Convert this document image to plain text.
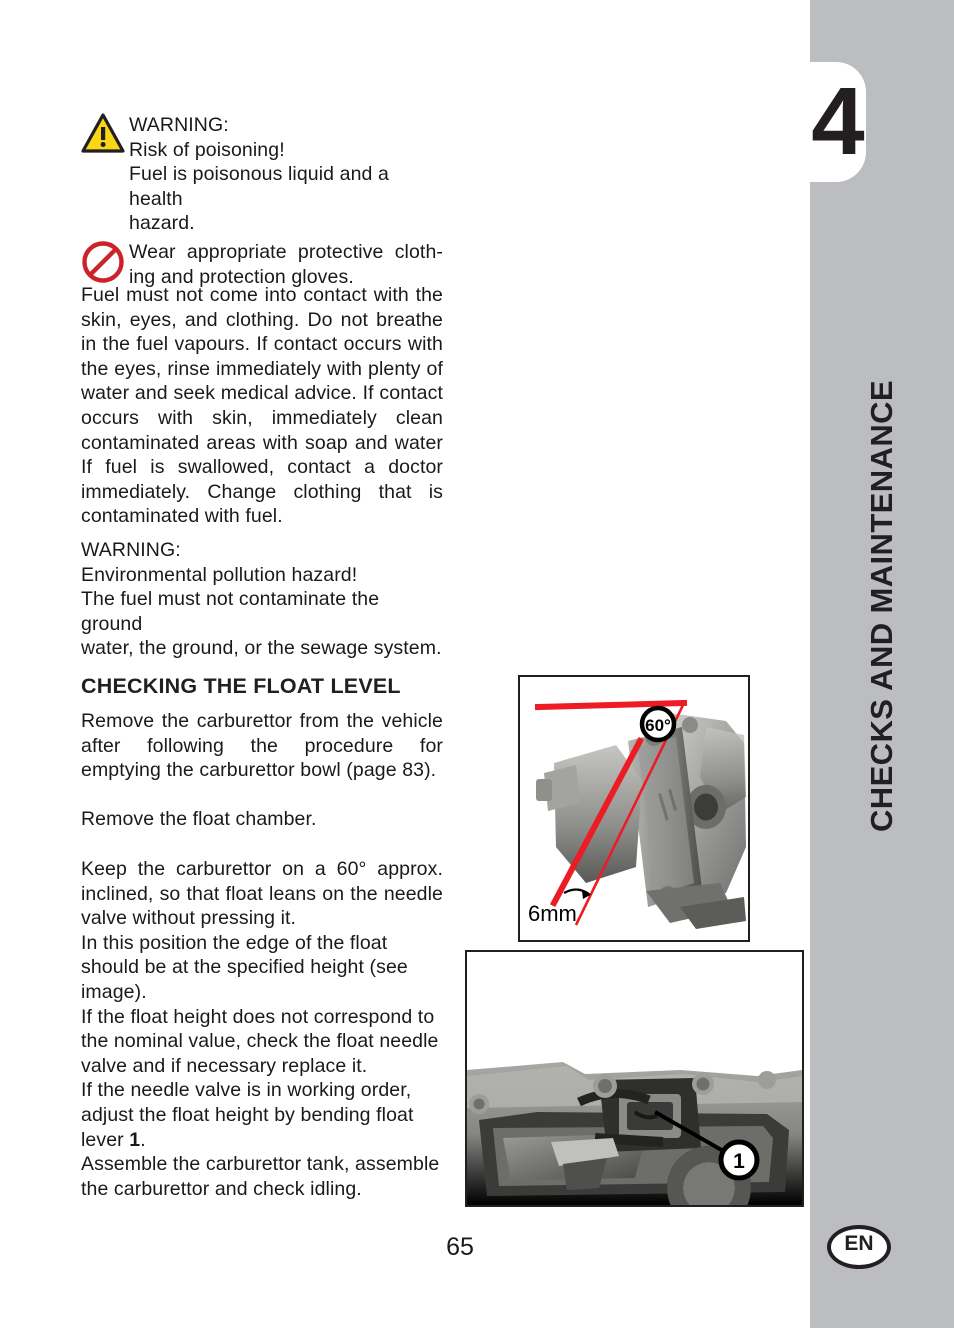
4
CHECKS AND MAINTENANCE
EN
WARNING:
Risk of poisoning!
Fuel is poisonous liquid and a health
hazard.
Wear appropriate protective cloth-
ing and protection gloves.
Fuel must not come into contact with the skin, eyes, and clothing. Do not breathe in the fuel vapours. If contact occurs with the eyes, rinse immediately with plenty of water and seek medical advice. If contact occurs with skin, immediately clean contaminated areas with soap and water If fuel is swallowed, contact a doctor immediately. Change clothing that is contaminated with fuel.
WARNING:
Environmental pollution hazard!
The fuel must not contaminate the ground
water, the ground, or the sewage system.
CHECKING THE FLOAT LEVEL
Remove the carburettor from the vehicle after following the procedure for emptying the carburettor bowl (page 83).
Remove the float chamber.
Keep the carburettor on a 60° approx. inclined, so that float leans on the needle valve without pressing it.
In this position the edge of the float should be at the specified height (see image).
If the float height does not correspond to the nominal value, check the float needle valve and if necessary replace it.
If the needle valve is in working order, adjust the float height by bending float lever 1.
Assemble the carburettor tank, assemble the carburettor and check idling.
65
60°
6mm
1
